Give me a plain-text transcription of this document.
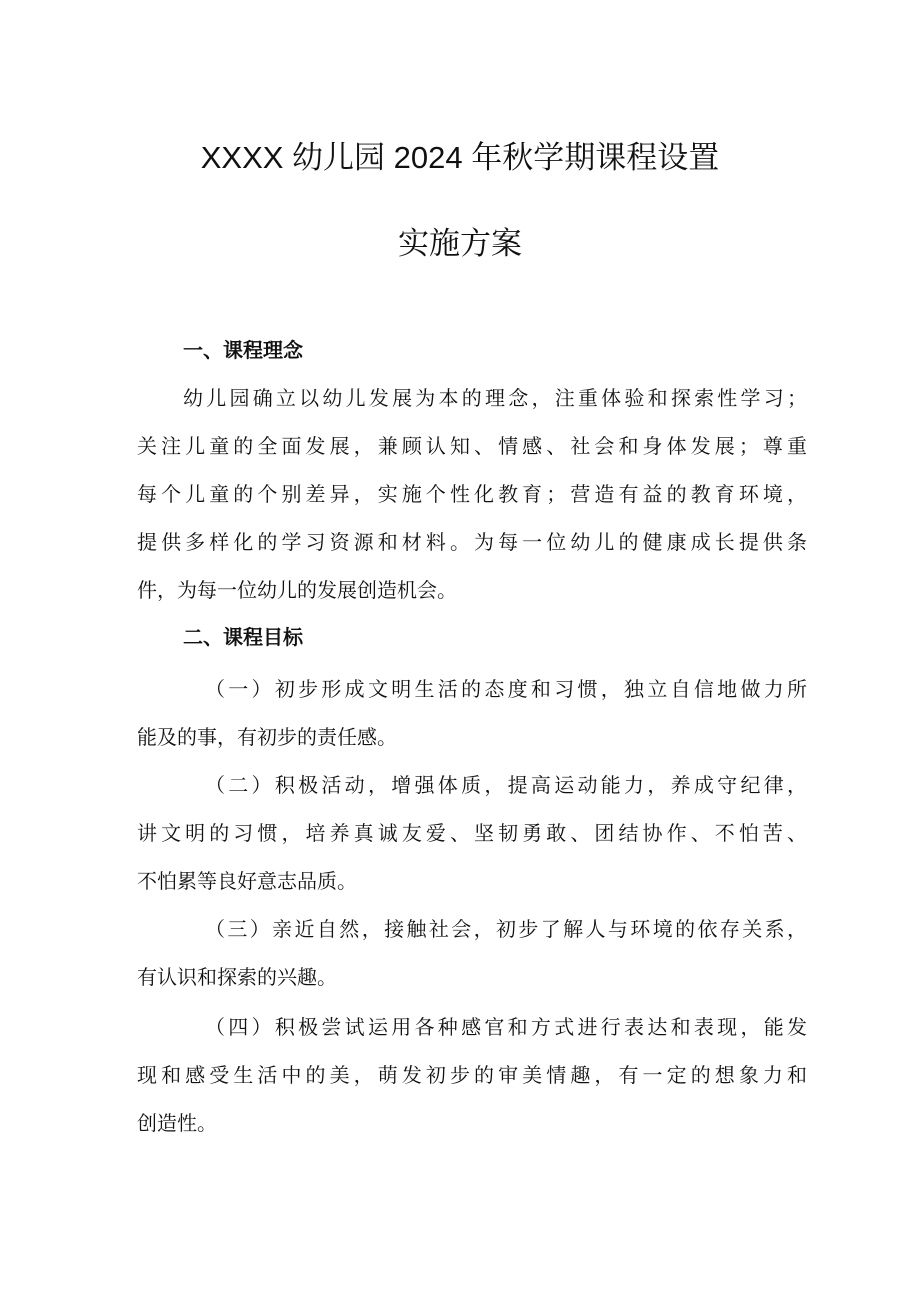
XXXX 幼儿园 2024 年秋学期课程设置
实施方案
一、课程理念
幼儿园确立以幼儿发展为本的理念，注重体验和探索性学习；
关注儿童的全面发展，兼顾认知、情感、社会和身体发展；尊重
每个儿童的个别差异，实施个性化教育；营造有益的教育环境，
提供多样化的学习资源和材料。为每一位幼儿的健康成长提供条
件，为每一位幼儿的发展创造机会。
二、课程目标
（一）初步形成文明生活的态度和习惯，独立自信地做力所
能及的事，有初步的责任感。
（二）积极活动，增强体质，提高运动能力，养成守纪律，
讲文明的习惯，培养真诚友爱、坚韧勇敢、团结协作、不怕苦、
不怕累等良好意志品质。
（三）亲近自然，接触社会，初步了解人与环境的依存关系，
有认识和探索的兴趣。
（四）积极尝试运用各种感官和方式进行表达和表现，能发
现和感受生活中的美，萌发初步的审美情趣，有一定的想象力和
创造性。
